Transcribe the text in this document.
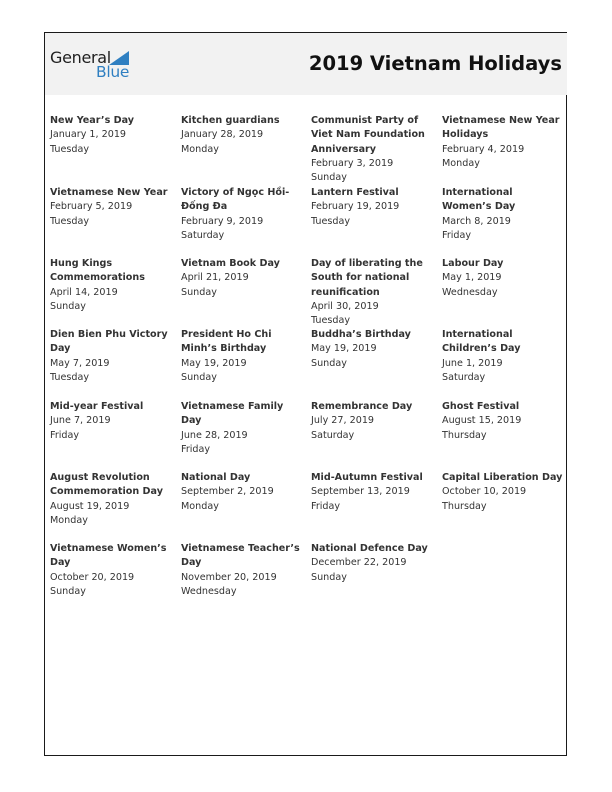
General
Blue	2019 Vietnam Holidays
New Year’s Day
January 1, 2019
Tuesday
Kitchen guardians
January 28, 2019
Monday
Communist Party of Viet Nam Foundation Anniversary
February 3, 2019
Sunday
Vietnamese New Year Holidays
February 4, 2019
Monday
Vietnamese New Year
February 5, 2019
Tuesday
Victory of Ngọc Hồi-Đống Đa
February 9, 2019
Saturday
Lantern Festival
February 19, 2019
Tuesday
International Women’s Day
March 8, 2019
Friday
Hung Kings Commemorations
April 14, 2019
Sunday
Vietnam Book Day
April 21, 2019
Sunday
Day of liberating the South for national reunification
April 30, 2019
Tuesday
Labour Day
May 1, 2019
Wednesday
Dien Bien Phu Victory Day
May 7, 2019
Tuesday
President Ho Chi Minh’s Birthday
May 19, 2019
Sunday
Buddha’s Birthday
May 19, 2019
Sunday
International Children’s Day
June 1, 2019
Saturday
Mid-year Festival
June 7, 2019
Friday
Vietnamese Family Day
June 28, 2019
Friday
Remembrance Day
July 27, 2019
Saturday
Ghost Festival
August 15, 2019
Thursday
August Revolution Commemoration Day
August 19, 2019
Monday
National Day
September 2, 2019
Monday
Mid-Autumn Festival
September 13, 2019
Friday
Capital Liberation Day
October 10, 2019
Thursday
Vietnamese Women’s Day
October 20, 2019
Sunday
Vietnamese Teacher’s Day
November 20, 2019
Wednesday
National Defence Day
December 22, 2019
Sunday
